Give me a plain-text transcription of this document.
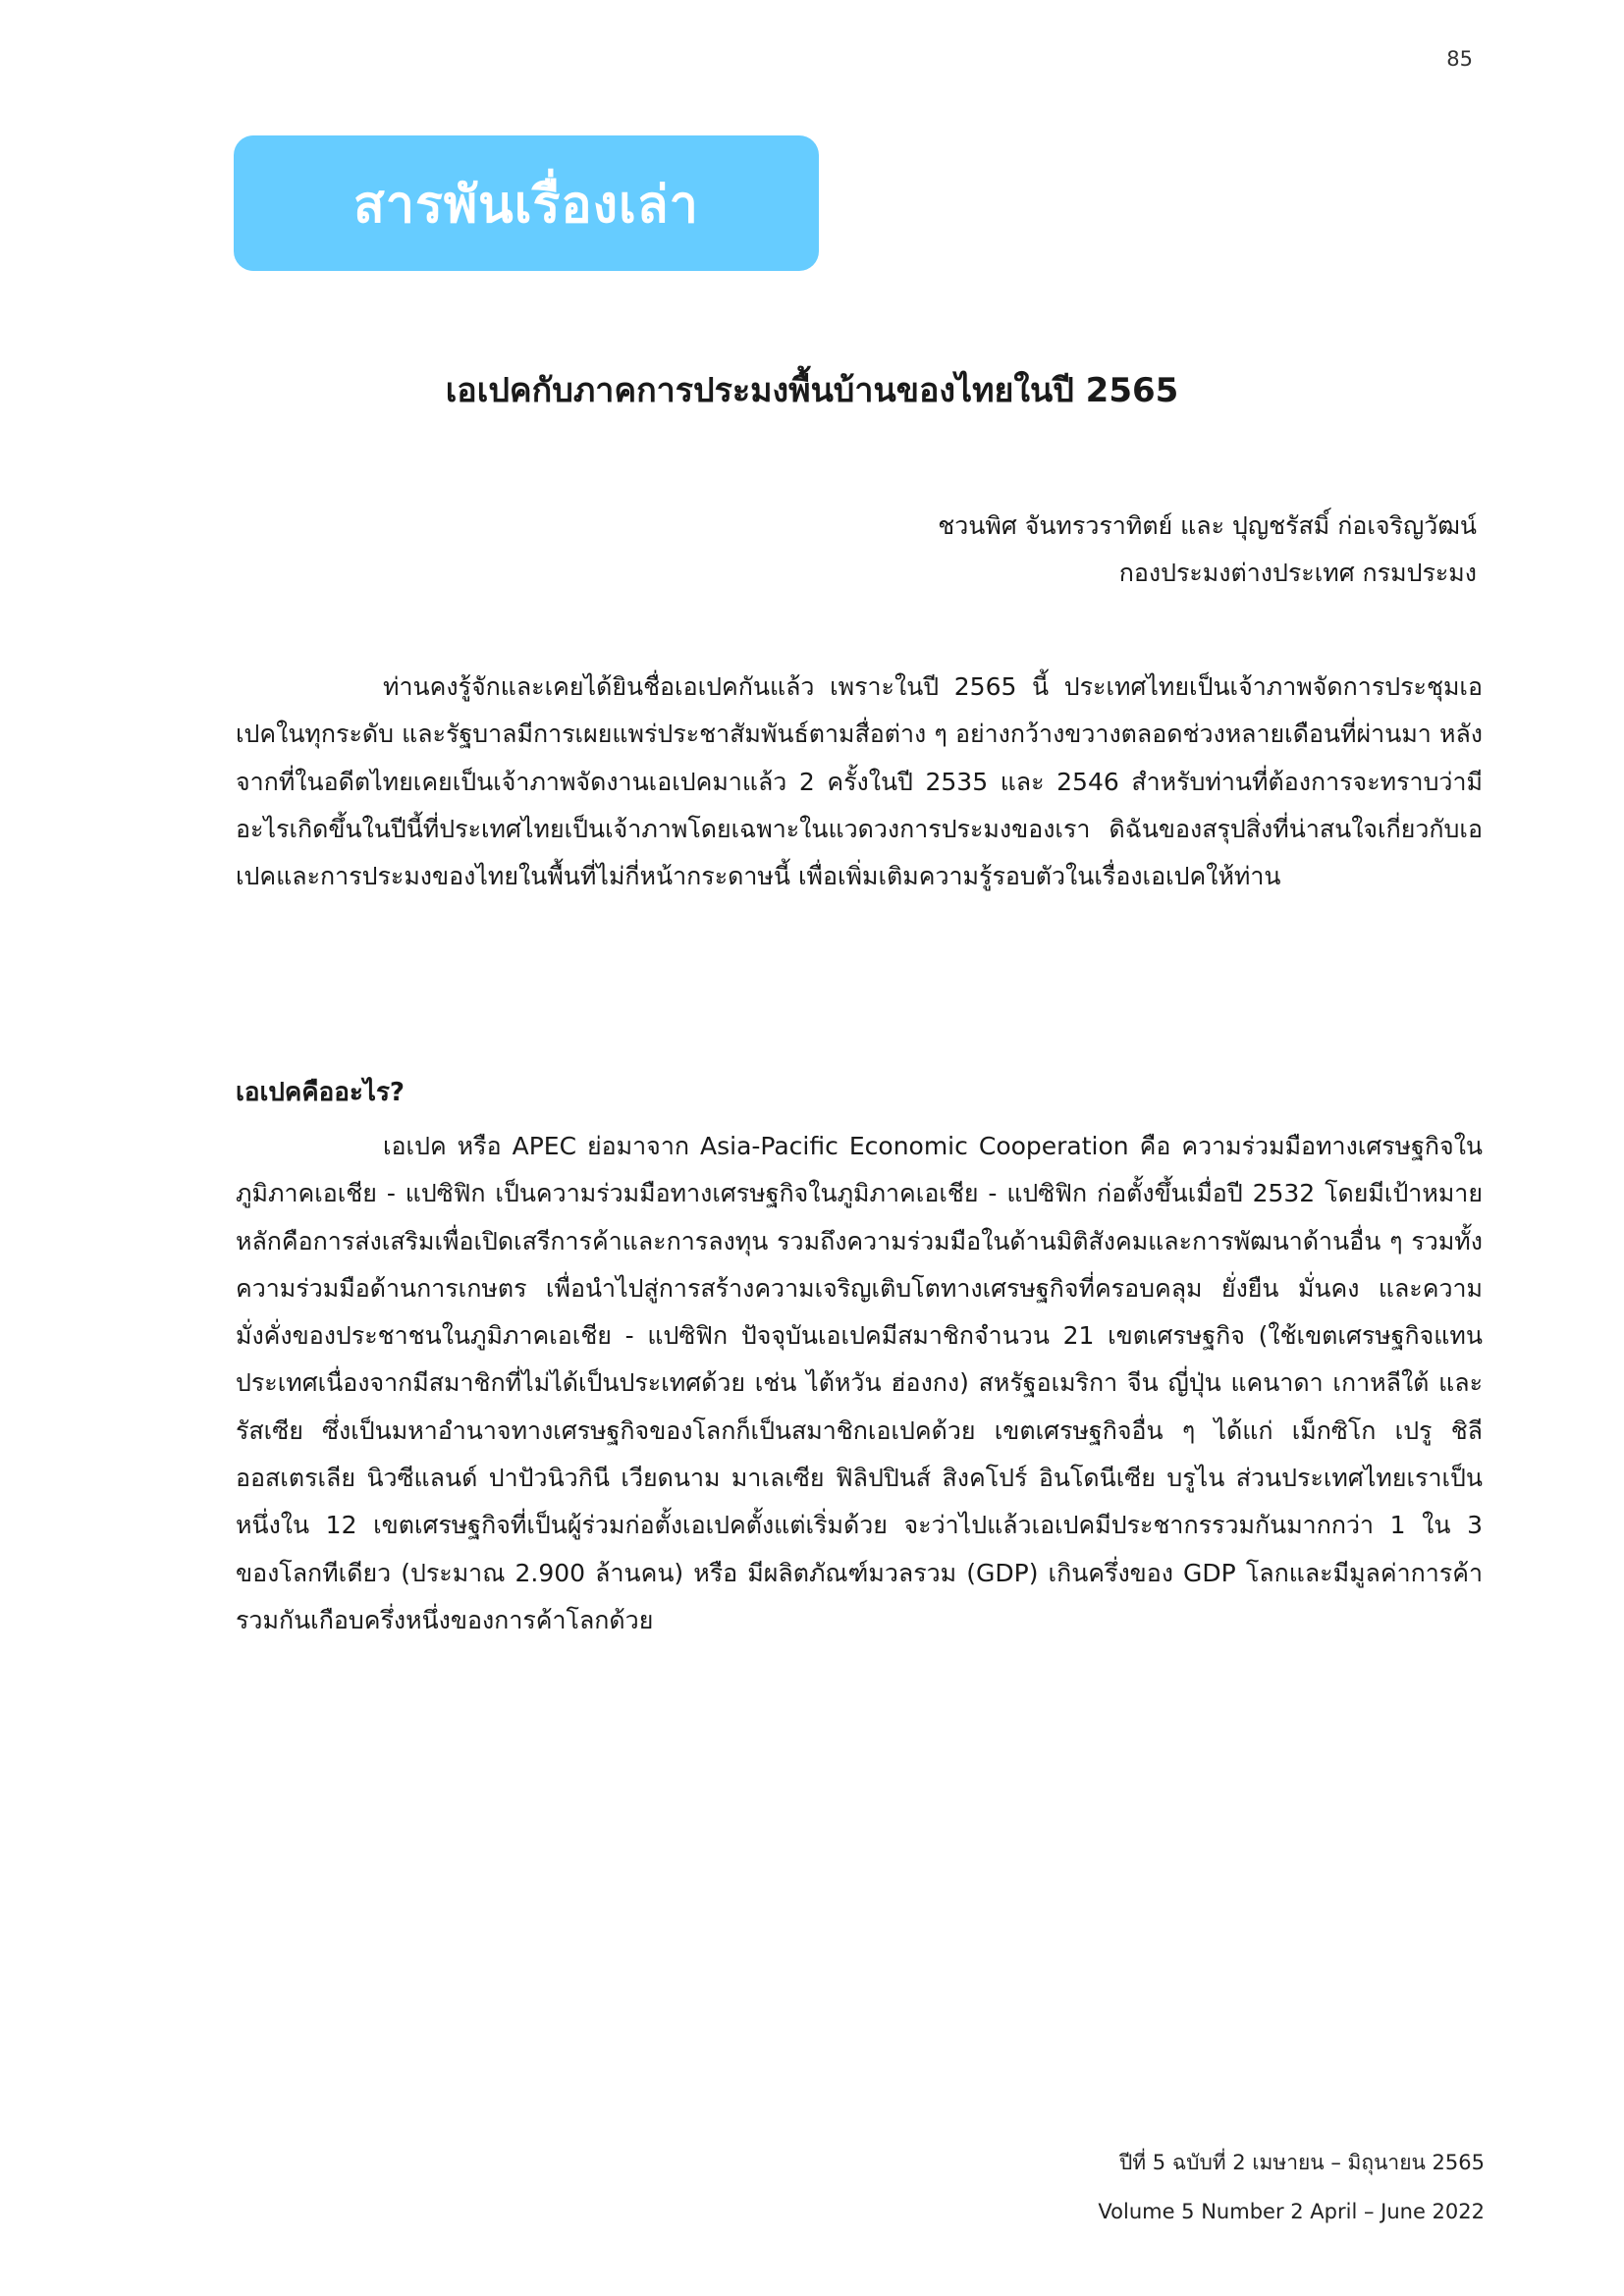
85
สารพันเรื่องเล่า
เอเปคกับภาคการประมงพื้นบ้านของไทยในปี 2565
ชวนพิศ จันทรวราทิตย์ และ ปุญชรัสมิ์ ก่อเจริญวัฒน์
กองประมงต่างประเทศ กรมประมง

ท่านคงรู้จักและเคยได้ยินชื่อเอเปคกันแล้ว เพราะในปี 2565 นี้ ประเทศไทยเป็นเจ้าภาพจัดการประชุมเอเปคในทุกระดับ และรัฐบาลมีการเผยแพร่ประชาสัมพันธ์ตามสื่อต่าง ๆ อย่างกว้างขวางตลอดช่วงหลายเดือนที่ผ่านมา หลังจากที่ในอดีตไทยเคยเป็นเจ้าภาพจัดงานเอเปคมาแล้ว 2 ครั้งในปี 2535 และ 2546 สำหรับท่านที่ต้องการจะทราบว่ามีอะไรเกิดขึ้นในปีนี้ที่ประเทศไทยเป็นเจ้าภาพโดยเฉพาะในแวดวงการประมงของเรา ดิฉันของสรุปสิ่งที่น่าสนใจเกี่ยวกับเอเปคและการประมงของไทยในพื้นที่ไม่กี่หน้ากระดาษนี้ เพื่อเพิ่มเติมความรู้รอบตัวในเรื่องเอเปคให้ท่าน

เอเปคคืออะไร?

เอเปค หรือ APEC ย่อมาจาก Asia-Pacific Economic Cooperation คือ ความร่วมมือทางเศรษฐกิจในภูมิภาคเอเชีย - แปซิฟิก เป็นความร่วมมือทางเศรษฐกิจในภูมิภาคเอเชีย - แปซิฟิก ก่อตั้งขึ้นเมื่อปี 2532 โดยมีเป้าหมายหลักคือการส่งเสริมเพื่อเปิดเสรีการค้าและการลงทุน รวมถึงความร่วมมือในด้านมิติสังคมและการพัฒนาด้านอื่น ๆ รวมทั้ง ความร่วมมือด้านการเกษตร เพื่อนำไปสู่การสร้างความเจริญเติบโตทางเศรษฐกิจที่ครอบคลุม ยั่งยืน มั่นคง และความมั่งคั่งของประชาชนในภูมิภาคเอเชีย - แปซิฟิก ปัจจุบันเอเปคมีสมาชิกจำนวน 21 เขตเศรษฐกิจ (ใช้เขตเศรษฐกิจแทนประเทศเนื่องจากมีสมาชิกที่ไม่ได้เป็นประเทศด้วย เช่น ไต้หวัน ฮ่องกง) สหรัฐอเมริกา จีน ญี่ปุ่น แคนาดา เกาหลีใต้ และรัสเซีย ซึ่งเป็นมหาอำนาจทางเศรษฐกิจของโลกก็เป็นสมาชิกเอเปคด้วย เขตเศรษฐกิจอื่น ๆ ได้แก่ เม็กซิโก เปรู ชิลี ออสเตรเลีย นิวซีแลนด์ ปาปัวนิวกินี เวียดนาม มาเลเซีย ฟิลิปปินส์ สิงคโปร์ อินโดนีเซีย บรูไน ส่วนประเทศไทยเราเป็นหนึ่งใน 12 เขตเศรษฐกิจที่เป็นผู้ร่วมก่อตั้งเอเปคตั้งแต่เริ่มด้วย จะว่าไปแล้วเอเปคมีประชากรรวมกันมากกว่า 1 ใน 3 ของโลกทีเดียว (ประมาณ 2.900 ล้านคน) หรือ มีผลิตภัณฑ์มวลรวม (GDP) เกินครึ่งของ GDP โลกและมีมูลค่าการค้ารวมกันเกือบครึ่งหนึ่งของการค้าโลกด้วย

ปีที่ 5 ฉบับที่ 2 เมษายน – มิถุนายน 2565
Volume 5 Number 2 April – June 2022
